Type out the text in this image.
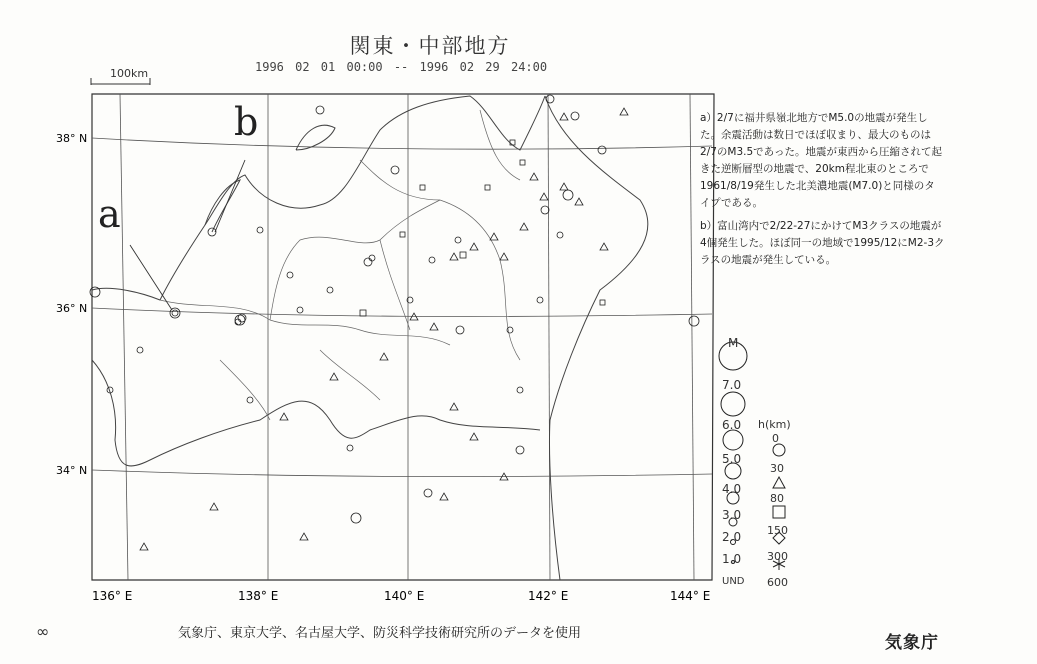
関東・中部地方
1996 02 01 00:00 -- 1996 02 29 24:00
100km
38° N
36° N
34° N
136° E	138° E	140° E	142° E	144° E
a
b	a）2/7に福井県嶺北地方でM5.0の地震が発生した。余震活動は数日でほぼ収まり、最大のものは2/7のM3.5であった。地震が東西から圧縮されて起きた逆断層型の地震で、20km程北東のところで1961/8/19発生した北美濃地震(M7.0)と同様のタイプである。

b）富山湾内で2/22-27にかけてM3クラスの地震が4個発生した。ほぼ同一の地域で1995/12にM2-3クラスの地震が発生している。

M
7.0
6.0
5.0
4.0
3.0
2.0
1.0
UND
h(km)
0
30
80
150
300
600
∞	気象庁、東京大学、名古屋大学、防災科学技術研究所のデータを使用	気象庁
